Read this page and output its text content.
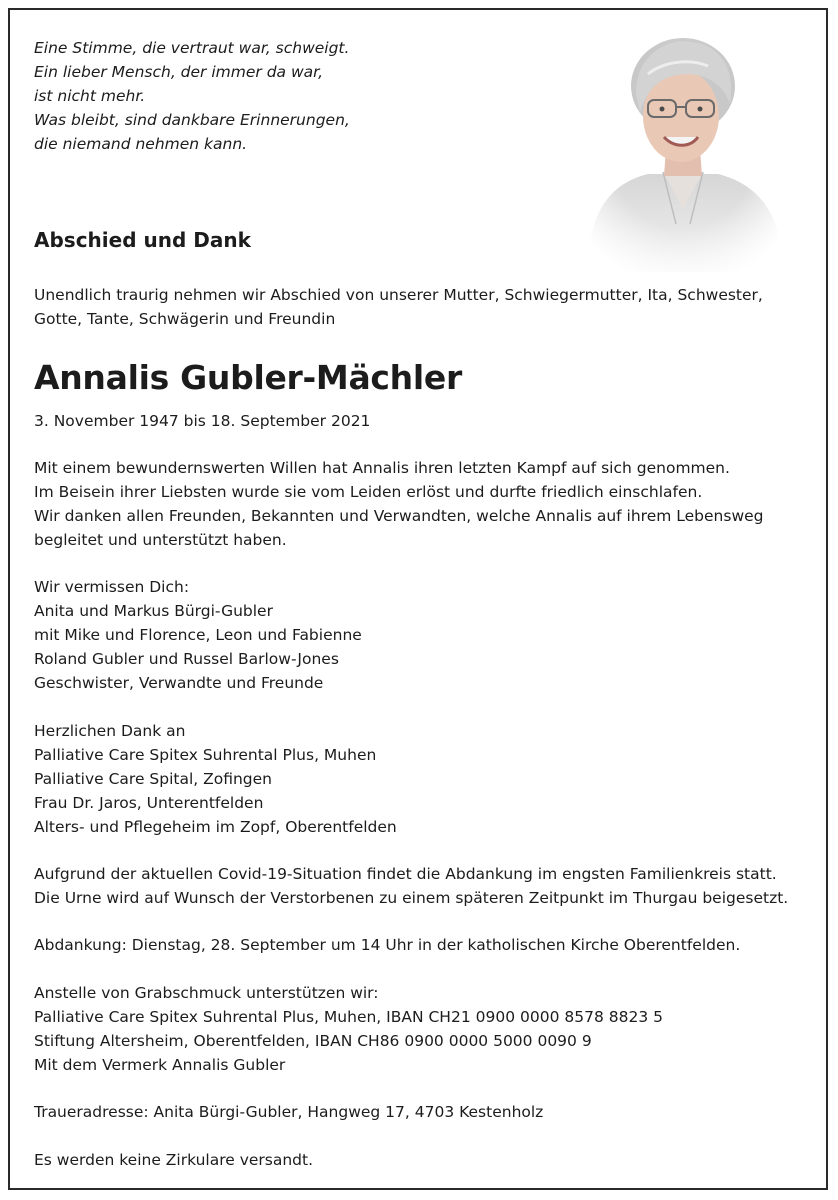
Eine Stimme, die vertraut war, schweigt.
Ein lieber Mensch, der immer da war,
ist nicht mehr.
Was bleibt, sind dankbare Erinnerungen,
die niemand nehmen kann.
Abschied und Dank
Unendlich traurig nehmen wir Abschied von unserer Mutter, Schwiegermutter, Ita, Schwester, Gotte, Tante, Schwägerin und Freundin
Annalis Gubler-Mächler
3. November 1947 bis 18. September 2021
Mit einem bewundernswerten Willen hat Annalis ihren letzten Kampf auf sich genommen.
Im Beisein ihrer Liebsten wurde sie vom Leiden erlöst und durfte friedlich einschlafen.
Wir danken allen Freunden, Bekannten und Verwandten, welche Annalis auf ihrem Lebensweg
begleitet und unterstützt haben.
Wir vermissen Dich:
Anita und Markus Bürgi-Gubler
mit Mike und Florence, Leon und Fabienne
Roland Gubler und Russel Barlow-Jones
Geschwister, Verwandte und Freunde
Herzlichen Dank an
Palliative Care Spitex Suhrental Plus, Muhen
Palliative Care Spital, Zofingen
Frau Dr. Jaros, Unterentfelden
Alters- und Pflegeheim im Zopf, Oberentfelden
Aufgrund der aktuellen Covid-19-Situation findet die Abdankung im engsten Familienkreis statt.
Die Urne wird auf Wunsch der Verstorbenen zu einem späteren Zeitpunkt im Thurgau beigesetzt.
Abdankung: Dienstag, 28. September um 14 Uhr in der katholischen Kirche Oberentfelden.
Anstelle von Grabschmuck unterstützen wir:
Palliative Care Spitex Suhrental Plus, Muhen, IBAN CH21 0900 0000 8578 8823 5
Stiftung Altersheim, Oberentfelden, IBAN CH86 0900 0000 5000 0090 9
Mit dem Vermerk Annalis Gubler
Traueradresse: Anita Bürgi-Gubler, Hangweg 17, 4703 Kestenholz
Es werden keine Zirkulare versandt.
